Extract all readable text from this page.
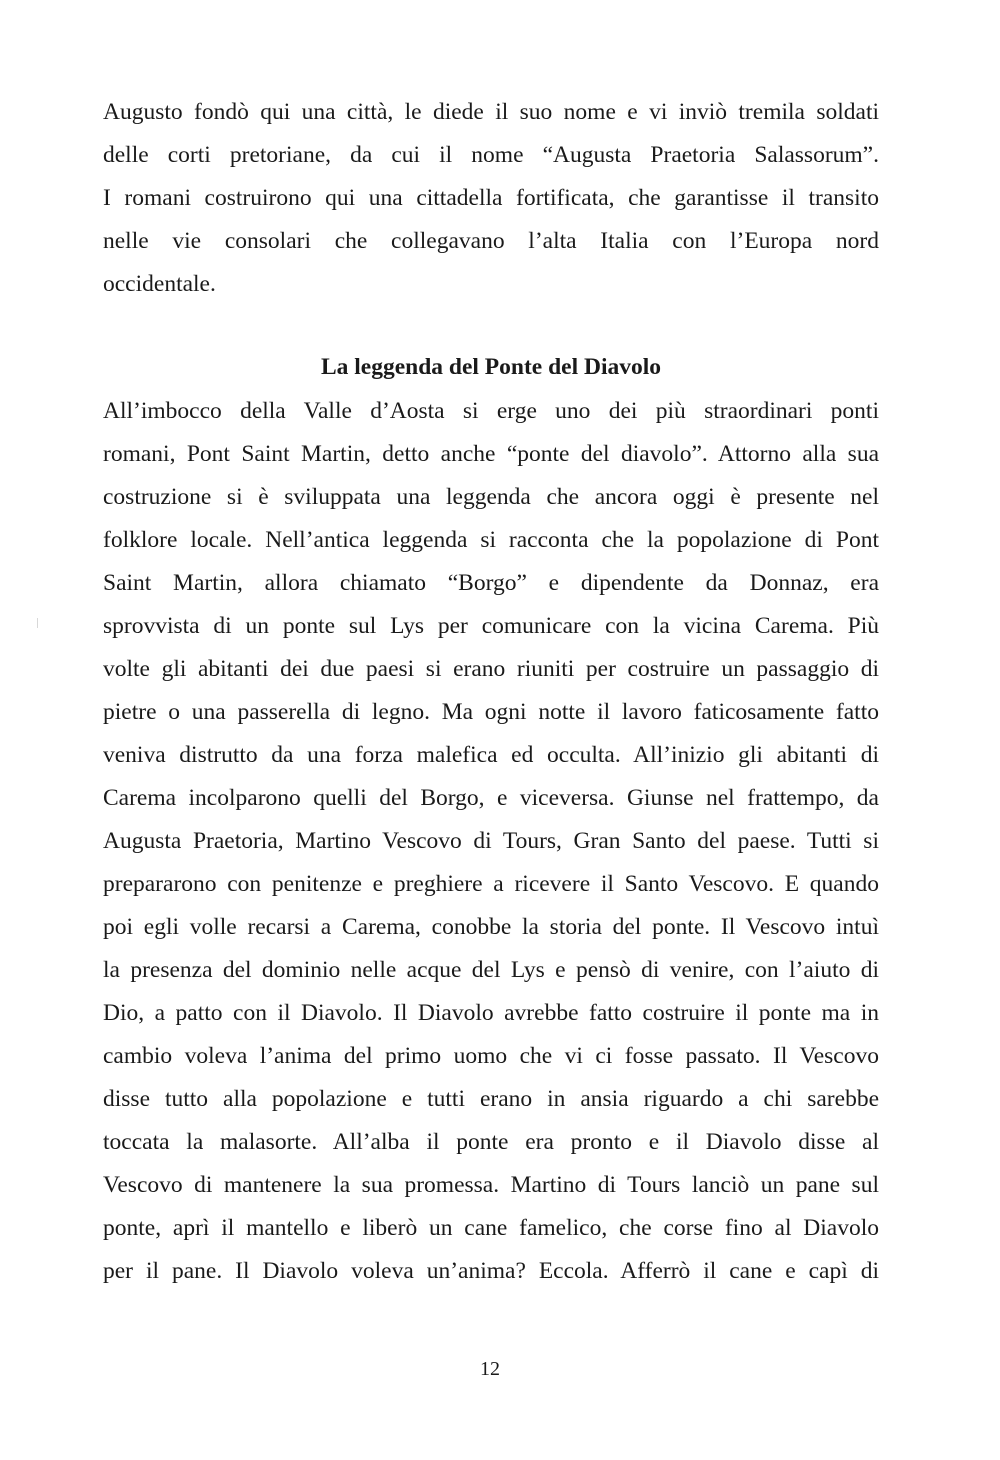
Augusto fondò qui una città, le diede il suo nome e vi inviò tremila soldati
delle corti pretoriane, da cui il nome “Augusta Praetoria Salassorum”.
I romani costruirono qui una cittadella fortificata, che garantisse il transito
nelle vie consolari che collegavano l’alta Italia con l’Europa nord
occidentale.
La leggenda del Ponte del Diavolo
All’imbocco della Valle d’Aosta si erge uno dei più straordinari ponti
romani, Pont Saint Martin, detto anche “ponte del diavolo”. Attorno alla sua
costruzione si è sviluppata una leggenda che ancora oggi è presente nel
folklore locale. Nell’antica leggenda si racconta che la popolazione di Pont
Saint Martin, allora chiamato “Borgo” e dipendente da Donnaz, era
sprovvista di un ponte sul Lys per comunicare con la vicina Carema. Più
volte gli abitanti dei due paesi si erano riuniti per costruire un passaggio di
pietre o una passerella di legno. Ma ogni notte il lavoro faticosamente fatto
veniva distrutto da una forza malefica ed occulta. All’inizio gli abitanti di
Carema incolparono quelli del Borgo, e viceversa. Giunse nel frattempo, da
Augusta Praetoria, Martino Vescovo di Tours, Gran Santo del paese. Tutti si
prepararono con penitenze e preghiere a ricevere il Santo Vescovo. E quando
poi egli volle recarsi a Carema, conobbe la storia del ponte. Il Vescovo intuì
la presenza del dominio nelle acque del Lys e pensò di venire, con l’aiuto di
Dio, a patto con il Diavolo. Il Diavolo avrebbe fatto costruire il ponte ma in
cambio voleva l’anima del primo uomo che vi ci fosse passato. Il Vescovo
disse tutto alla popolazione e tutti erano in ansia riguardo a chi sarebbe
toccata la malasorte. All’alba il ponte era pronto e il Diavolo disse al
Vescovo di mantenere la sua promessa. Martino di Tours lanciò un pane sul
ponte, aprì il mantello e liberò un cane famelico, che corse fino al Diavolo
per il pane. Il Diavolo voleva un’anima? Eccola. Afferrò il cane e capì di
12
